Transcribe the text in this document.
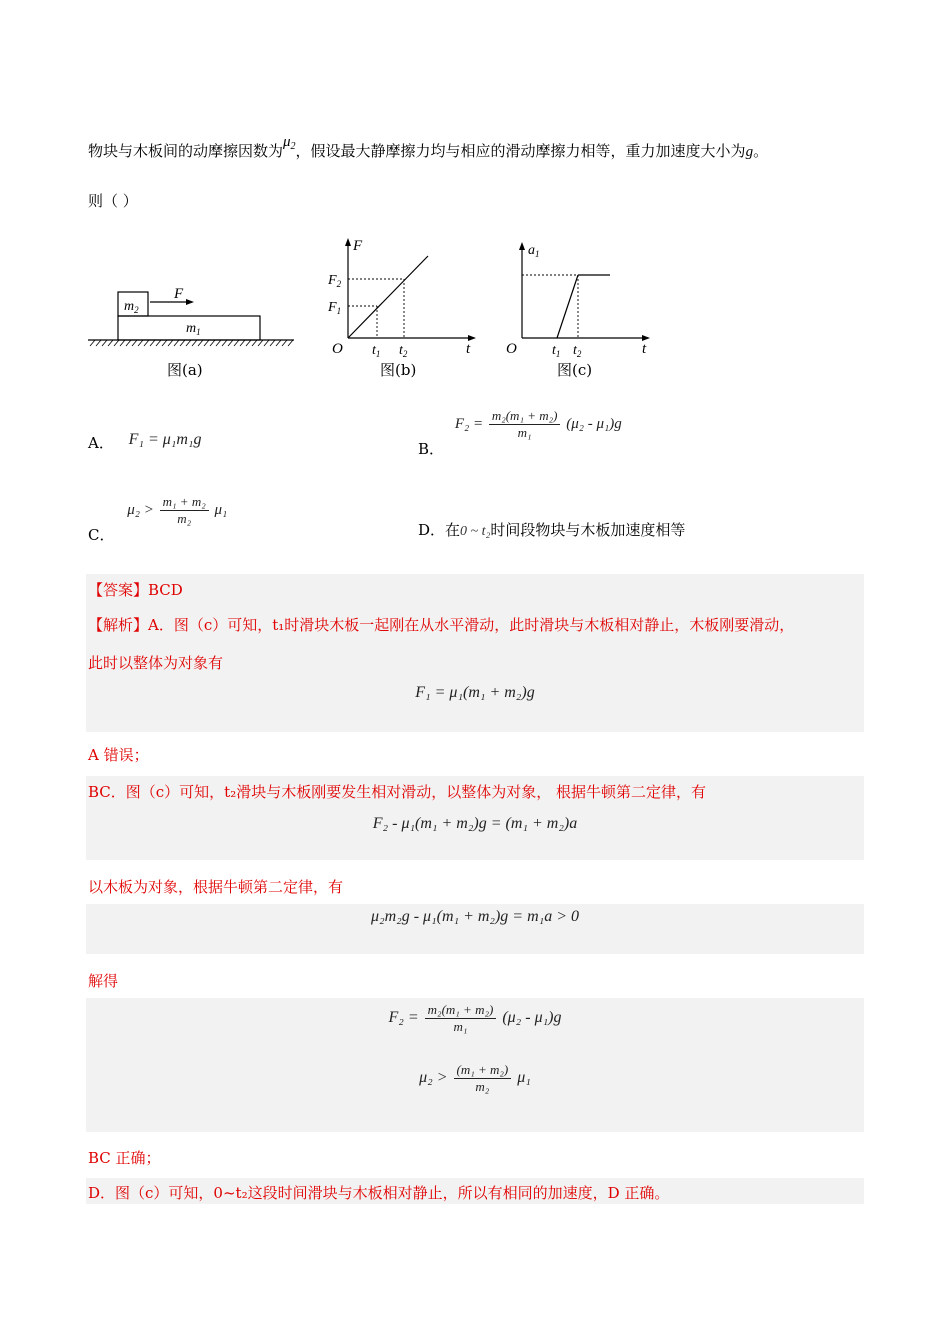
物块与木板间的动摩擦因数为$\mu_2$，假设最大静摩擦力均与相应的滑动摩擦力相等，重力加速度大小为g。
则（ ）
F
$m_2$
$m_1$
图(a)
F
$F_2$
$F_1$
O $t_1$ $t_2$	t
图(b)
$a_1$
O	$t_1$ $t_2$	t
图(c)
A． F₁ = μ₁m₁g
B． $F_2 = \frac{\text{m₂(m₁ + m₂)}}{\text{m₁}} (\mu_2 - \mu_1)g$
C． $\mu_2 > \frac{\text{m₁ + m₂}}{\text{m₂}} \mu_1$
D．在0 ~ t₂时间段物块与木板加速度相等
【答案】BCD
【解析】A．图（c）可知，t₁时滑块木板一起刚在从水平滑动，此时滑块与木板相对静止，木板刚要滑动，
此时以整体为对象有
F₁ = μ₁(m₁ + m₂)g
A 错误；
BC．图（c）可知，t₂滑块与木板刚要发生相对滑动，以整体为对象， 根据牛顿第二定律，有
F₂ - μ₁(m₁ + m₂)g = (m₁ + m₂)a
以木板为对象，根据牛顿第二定律，有
μ₂m₂g - μ₁(m₁ + m₂)g = m₁a > 0
解得
$F_2 = \frac{\text{m₂(m₁ + m₂)}}{\text{m₁}} (\mu_2 - \mu_1)g$
$\mu_2 > \frac{\text{(m₁ + m₂)}}{\text{m₂}} \mu_1$
BC 正确；
D．图（c）可知，0~t₂这段时间滑块与木板相对静止，所以有相同的加速度，D 正确。
